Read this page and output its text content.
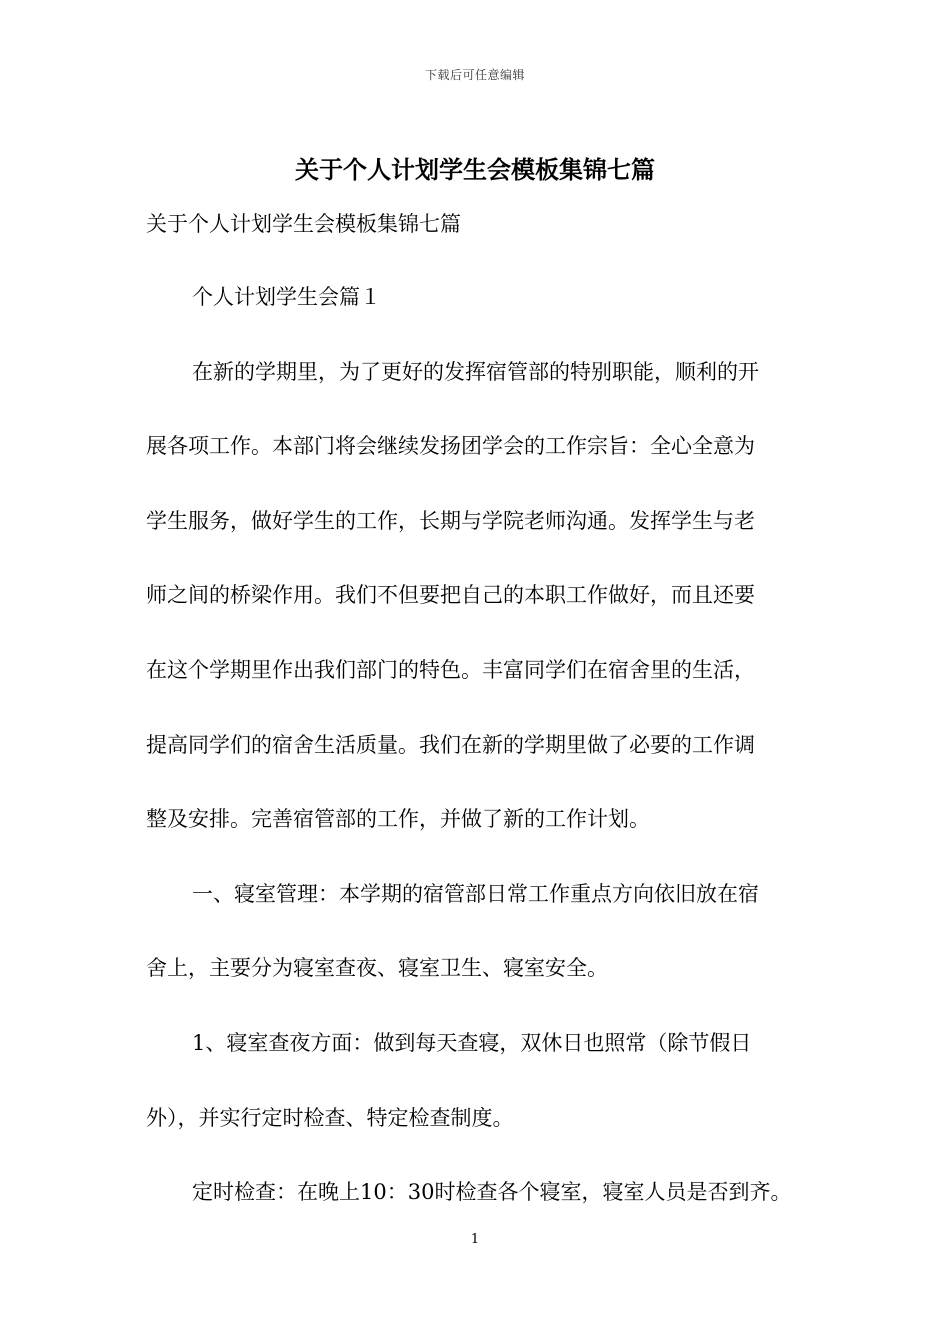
下载后可任意编辑
关于个人计划学生会模板集锦七篇

关于个人计划学生会模板集锦七篇

个人计划学生会篇１

在新的学期里，为了更好的发挥宿管部的特别职能，顺利的开

展各项工作。本部门将会继续发扬团学会的工作宗旨：全心全意为

学生服务，做好学生的工作，长期与学院老师沟通。发挥学生与老

师之间的桥梁作用。我们不但要把自己的本职工作做好，而且还要

在这个学期里作出我们部门的特色。丰富同学们在宿舍里的生活，

提高同学们的宿舍生活质量。我们在新的学期里做了必要的工作调

整及安排。完善宿管部的工作，并做了新的工作计划。

一、寝室管理：本学期的宿管部日常工作重点方向依旧放在宿

舍上，主要分为寝室查夜、寝室卫生、寝室安全。

1、寝室查夜方面：做到每天查寝，双休日也照常（除节假日

外），并实行定时检查、特定检查制度。

定时检查：在晚上10：30时检查各个寝室，寝室人员是否到齐。

1
